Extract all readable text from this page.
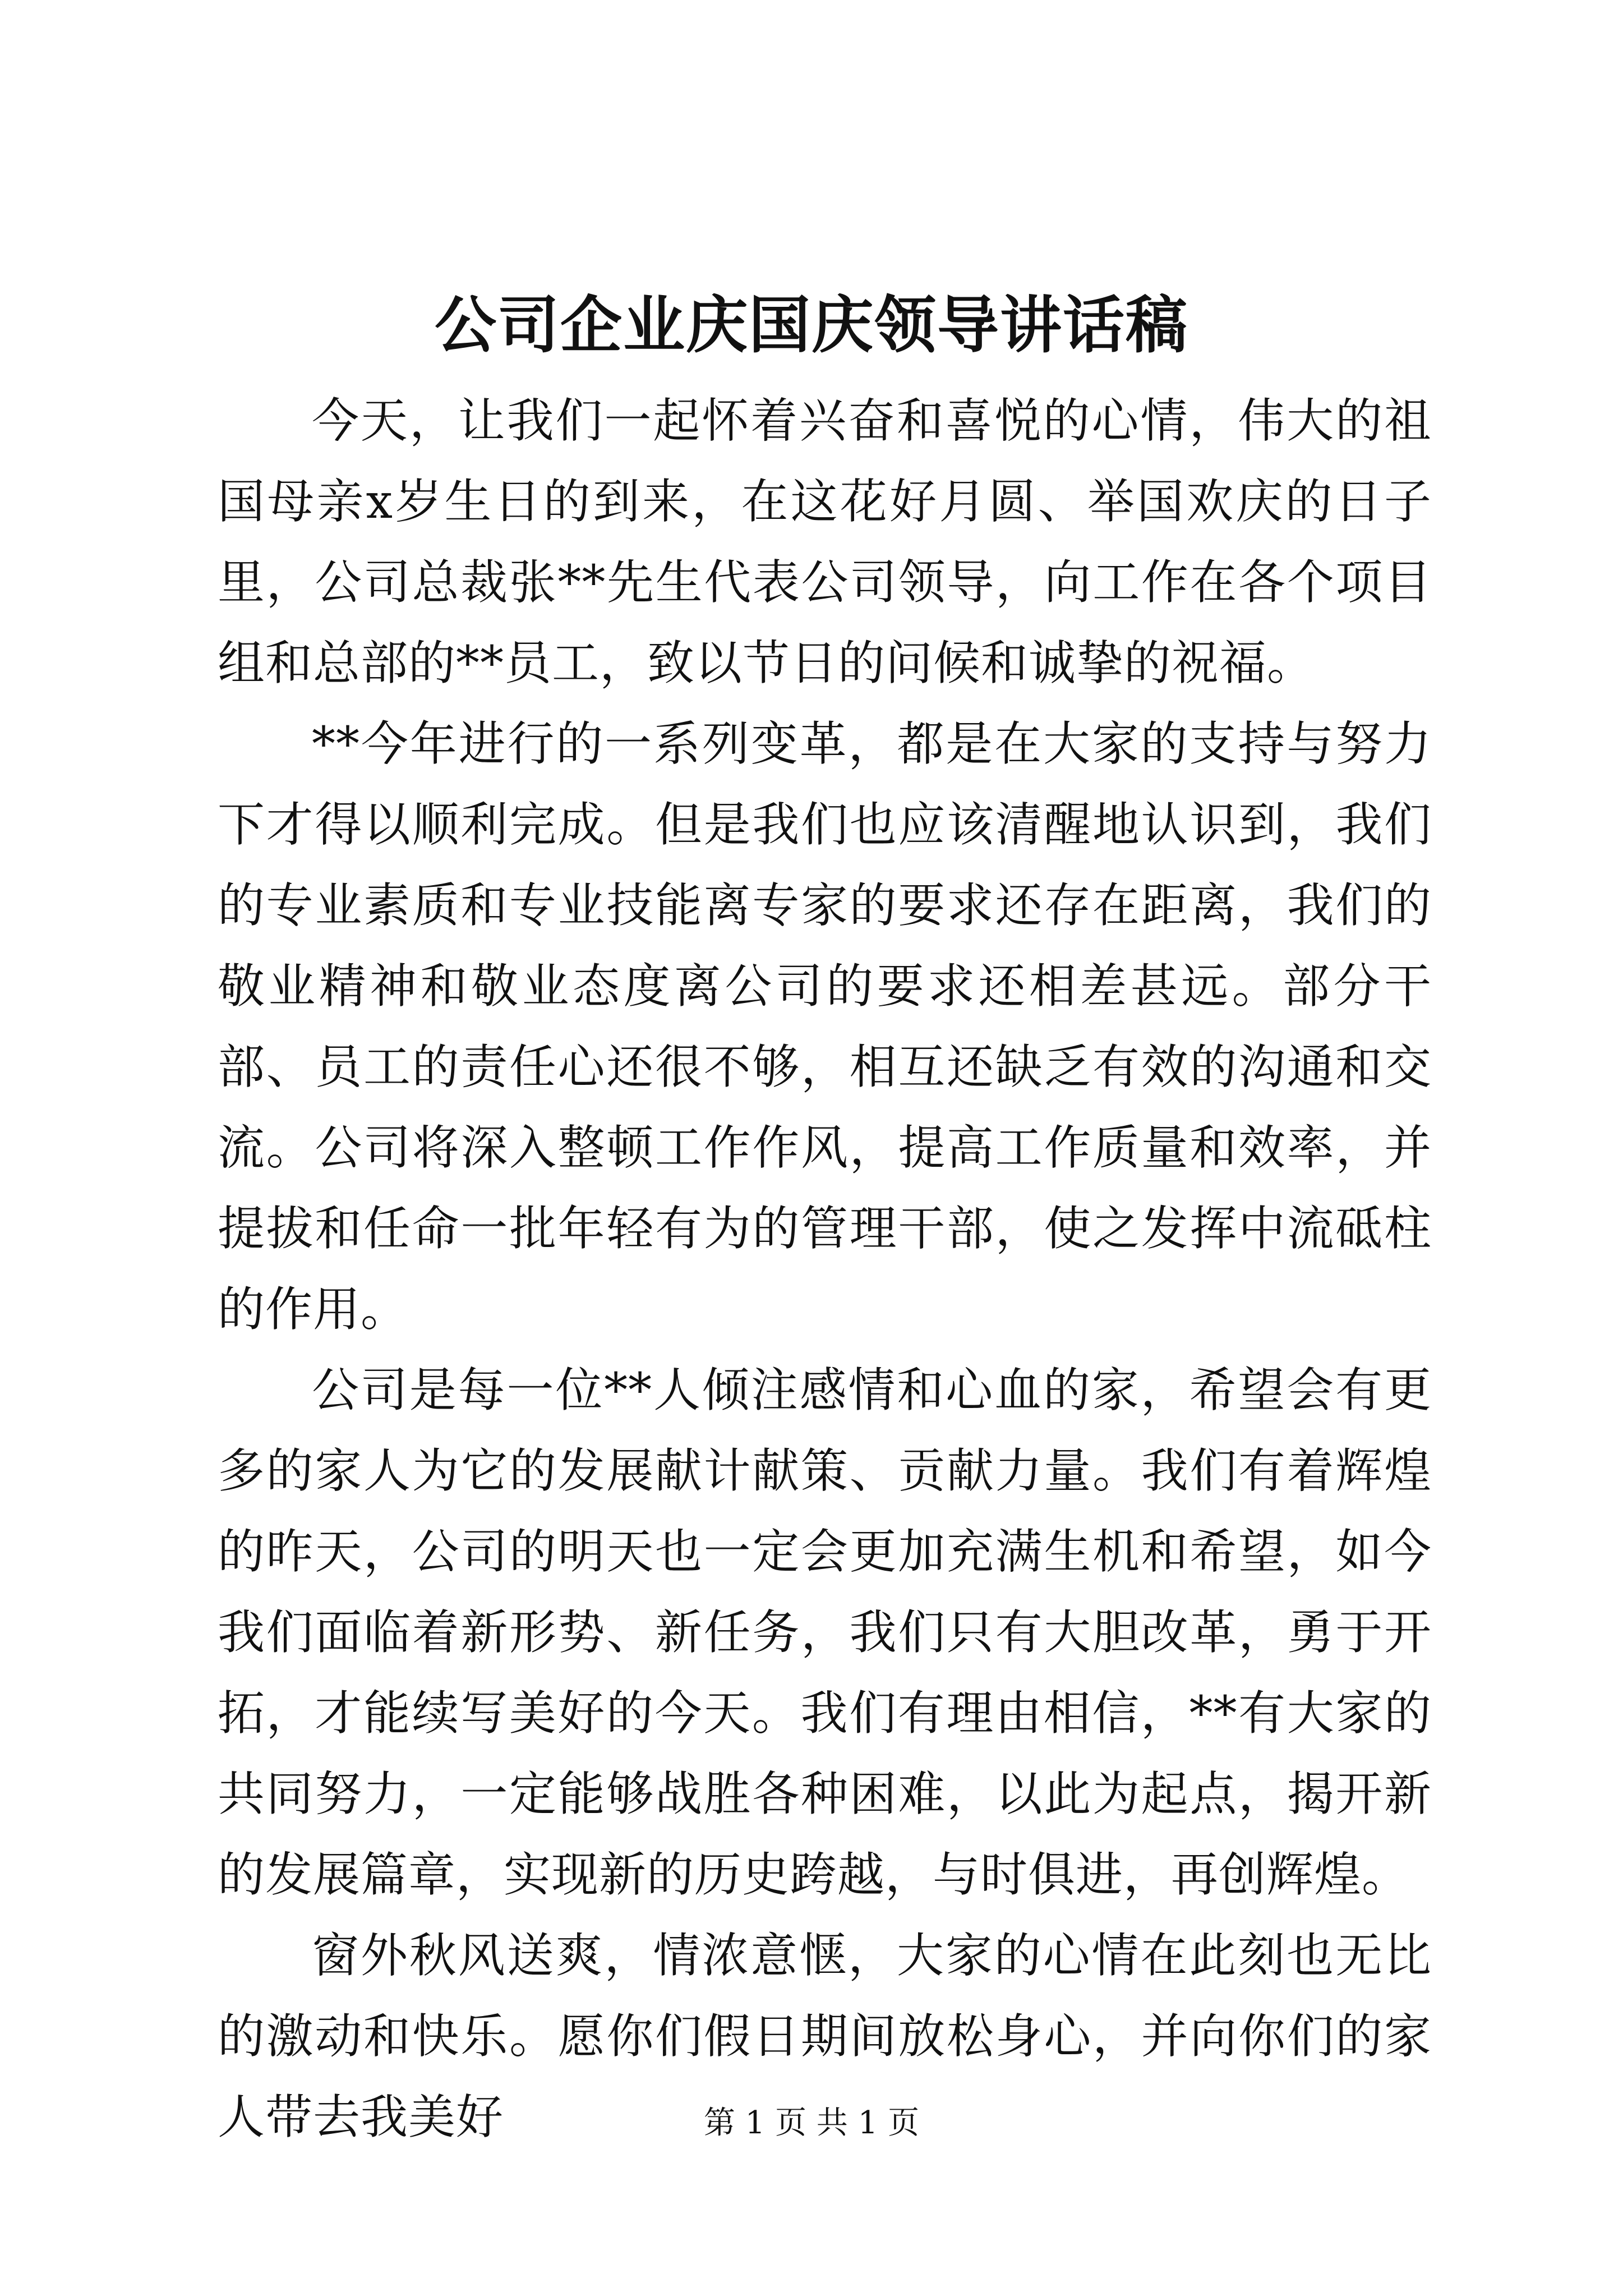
公司企业庆国庆领导讲话稿

今天，让我们一起怀着兴奋和喜悦的心情，伟大的祖国母亲x岁生日的到来，在这花好月圆、举国欢庆的日子里，公司总裁张**先生代表公司领导，向工作在各个项目组和总部的**员工，致以节日的问候和诚挚的祝福。

**今年进行的一系列变革，都是在大家的支持与努力下才得以顺利完成。但是我们也应该清醒地认识到，我们的专业素质和专业技能离专家的要求还存在距离，我们的敬业精神和敬业态度离公司的要求还相差甚远。部分干部、员工的责任心还很不够，相互还缺乏有效的沟通和交流。公司将深入整顿工作作风，提高工作质量和效率，并提拔和任命一批年轻有为的管理干部，使之发挥中流砥柱的作用。

公司是每一位**人倾注感情和心血的家，希望会有更多的家人为它的发展献计献策、贡献力量。我们有着辉煌的昨天，公司的明天也一定会更加充满生机和希望，如今我们面临着新形势、新任务，我们只有大胆改革，勇于开拓，才能续写美好的今天。我们有理由相信，**有大家的共同努力，一定能够战胜各种困难，以此为起点，揭开新的发展篇章，实现新的历史跨越，与时俱进，再创辉煌。

窗外秋风送爽，情浓意惬，大家的心情在此刻也无比的激动和快乐。愿你们假日期间放松身心，并向你们的家人带去我美好	第 1 页 共 1 页
